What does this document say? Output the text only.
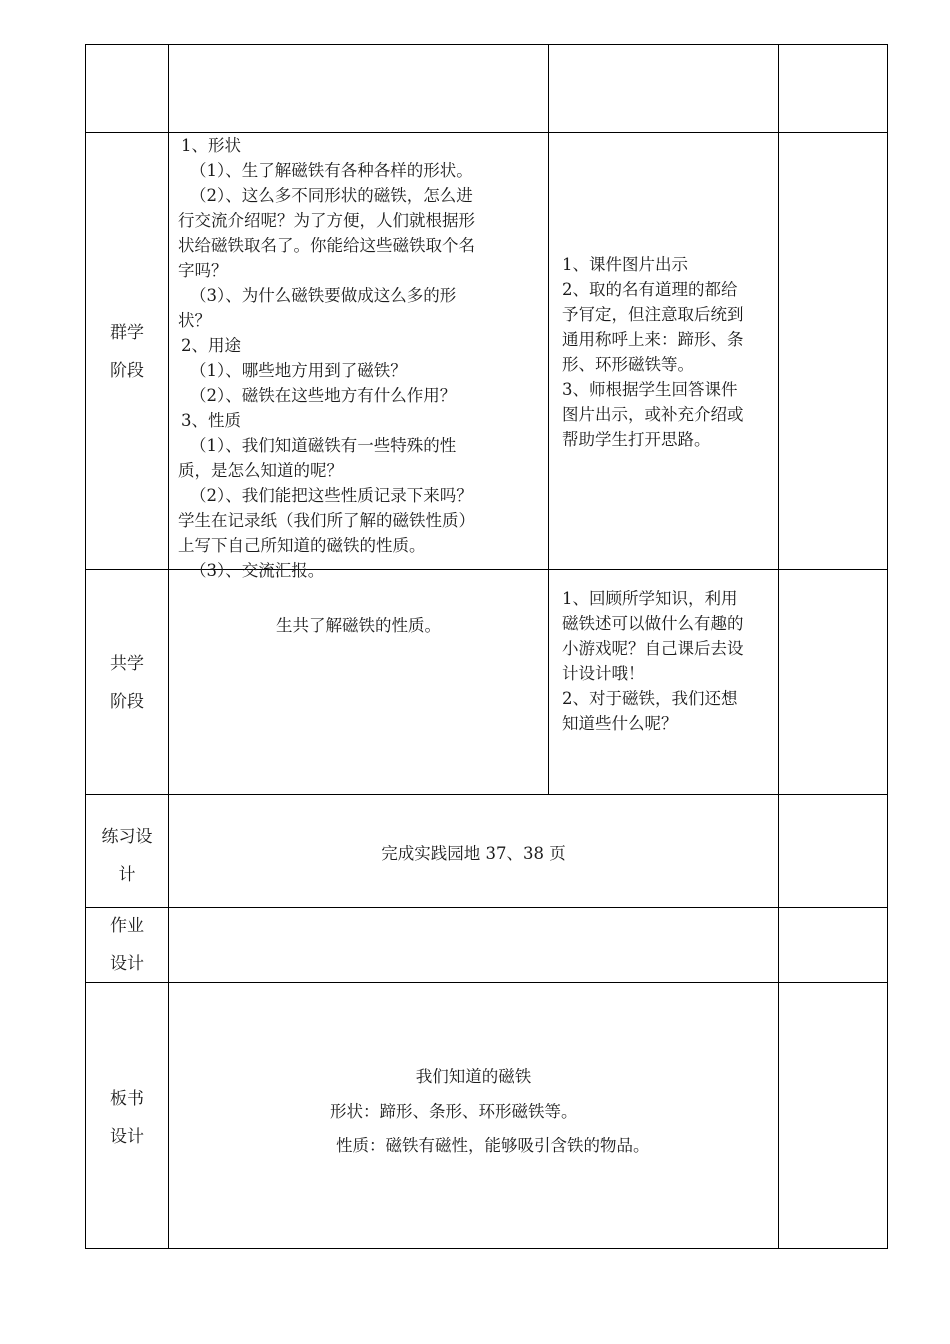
群学
阶段
1、形状
（1）、生了解磁铁有各种各样的形状。
（2）、这么多不同形状的磁铁，怎么进
行交流介绍呢？为了方便，人们就根据形
状给磁铁取名了。你能给这些磁铁取个名
字吗？
（3）、为什么磁铁要做成这么多的形
状？
2、用途
（1）、哪些地方用到了磁铁？
（2）、磁铁在这些地方有什么作用？
3、性质
（1）、我们知道磁铁有一些特殊的性
质，是怎么知道的呢？
（2）、我们能把这些性质记录下来吗？
学生在记录纸（我们所了解的磁铁性质）
上写下自己所知道的磁铁的性质。
（3）、交流汇报。
1、课件图片出示
2、取的名有道理的都给
予肎定，但注意取后统到
通用称呼上来：蹄形、条
形、环形磁铁等。
3、师根据学生回答课件
图片出示，或补充介绍或
帮助学生打开思路。
共学
阶段
生共了解磁铁的性质。
1、回顾所学知识，利用
磁铁述可以做什么有趣的
小游戏呢？自己课后去设
计设计哦！
2、对于磁铁，我们还想
知道些什么呢？
练习设
计
完成实践园地 37、38 页
作业
设计
板书
设计
我们知道的磁铁
形状：蹄形、条形、环形磁铁等。
性质：磁铁有磁性，能够吸引含铁的物品。
